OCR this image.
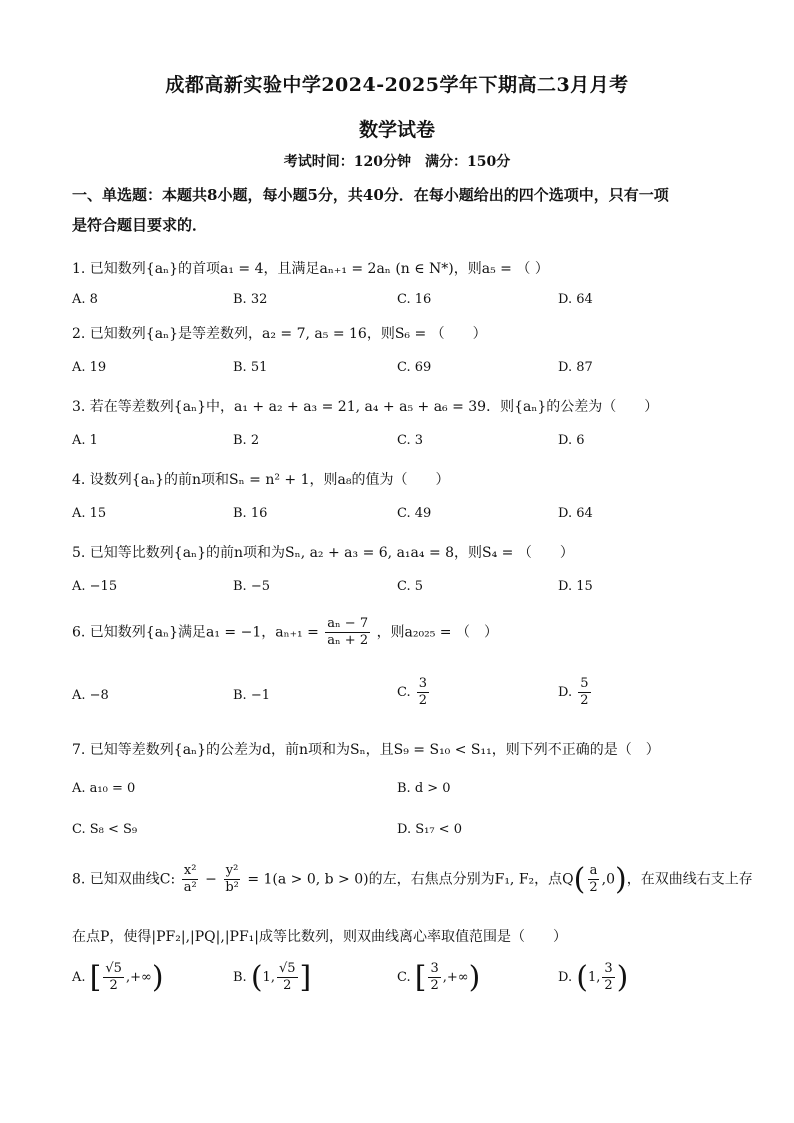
成都高新实验中学2024-2025学年下期高二3月月考
数学试卷
考试时间：120分钟　满分：150分
一、单选题：本题共8小题，每小题5分，共40分．在每小题给出的四个选项中，只有一项
是符合题目要求的．
1. 已知数列{aₙ}的首项a₁ = 4，且满足aₙ₊₁ = 2aₙ (n ∈ N*)，则a₅ = （ ）
A. 8	B. 32	C. 16	D. 64
2. 已知数列{aₙ}是等差数列，a₂ = 7, a₅ = 16，则S₆ = （　　）
A. 19	B. 51	C. 69	D. 87
3. 若在等差数列{aₙ}中，a₁ + a₂ + a₃ = 21, a₄ + a₅ + a₆ = 39．则{aₙ}的公差为（　　）
A. 1	B. 2	C. 3	D. 6
4. 设数列{aₙ}的前n项和Sₙ = n² + 1，则a₈的值为（　　）
A. 15	B. 16	C. 49	D. 64
5. 已知等比数列{aₙ}的前n项和为Sₙ, a₂ + a₃ = 6, a₁a₄ = 8，则S₄ = （　　）
A. −15	B. −5	C. 5	D. 15
6. 已知数列{aₙ}满足a₁ = −1，$a_{n+1} = \frac{\text{aₙ − 7}}{\text{aₙ + 2}}$ ，则a₂₀₂₅ = （　）
A. −8	B. −1	C. $\frac{3}{2}$	D. $\frac{5}{2}$
7. 已知等差数列{aₙ}的公差为d，前n项和为Sₙ，且S₉ = S₁₀ < S₁₁，则下列不正确的是（　）
A. a₁₀ = 0	B. d > 0
C. S₈ < S₉	D. S₁₇ < 0
8. 已知双曲线C: $\frac{\text{x²}}{\text{a²}} - \frac{\text{y²}}{\text{b²}} = 1(a > 0$, b > 0)的左，右焦点分别为F₁, F₂，点$Q( \frac{a}{2} ,0)$，在双曲线右支上存
在点P，使得|PF₂|,|PQ|,|PF₁|成等比数列，则双曲线离心率取值范围是（　　）
A. [ $\frac{√5}{2}$ ,+∞)	B. (1, $\frac{√5}{2}$ ]	C. [ $\frac{3}{2}$ ,+∞)	D. (1, $\frac{3}{2}$ )
